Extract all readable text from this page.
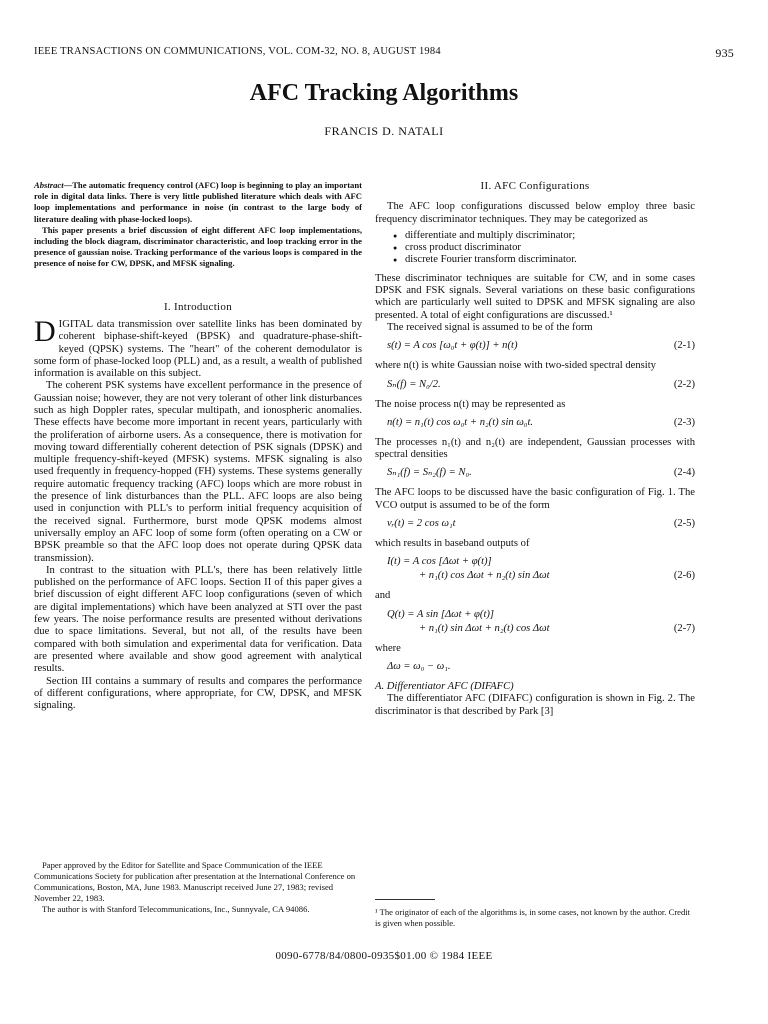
IEEE TRANSACTIONS ON COMMUNICATIONS, VOL. COM-32, NO. 8, AUGUST 1984	935
AFC Tracking Algorithms
FRANCIS D. NATALI

Abstract—The automatic frequency control (AFC) loop is beginning to play an important role in digital data links. There is very little published literature which deals with AFC loop implementations and performance in noise (in contrast to the large body of literature dealing with phase-locked loops).

This paper presents a brief discussion of eight different AFC loop implementations, including the block diagram, discriminator characteristic, and loop tracking error in the presence of gaussian noise. Tracking performance of the various loops is compared in the presence of noise for CW, DPSK, and MFSK signaling.

I. Introduction

DIGITAL data transmission over satellite links has been dominated by coherent biphase-shift-keyed (BPSK) and quadrature-phase-shift-keyed (QPSK) systems. The "heart" of the coherent demodulator is some form of phase-locked loop (PLL) and, as a result, a wealth of published information is available on this subject.

The coherent PSK systems have excellent performance in the presence of Gaussian noise; however, they are not very tolerant of other link disturbances such as high Doppler rates, specular multipath, and ionospheric anomalies. These effects have become more important in recent years, particularly with the proliferation of airborne users. As a consequence, there is motivation for moving toward differentially coherent detection of PSK signals (DPSK) and multiple frequency-shift-keyed (MFSK) systems. MFSK signaling is also used frequently in frequency-hopped (FH) systems. These systems generally require automatic frequency tracking (AFC) loops which are more robust in the presence of link disturbances than the PLL. AFC loops are also being used in conjunction with PLL's to perform initial frequency acquisition of the received signal. Furthermore, burst mode QPSK modems almost universally employ an AFC loop of some form (often operating on a CW or BPSK preamble so that the AFC loop does not operate during QPSK data transmission).

In contrast to the situation with PLL's, there has been relatively little published on the performance of AFC loops. Section II of this paper gives a brief discussion of eight different AFC loop configurations (seven of which are digital implementations) which have been analyzed at STI over the past few years. The noise performance results are presented without derivations due to space limitations. Several, but not all, of the results have been compared with both simulation and experimental data for verification. Data are presented where available and show good agreement with analytical results.

Section III contains a summary of results and compares the performance of different configurations, where appropriate, for CW, DPSK, and MFSK signaling.

Paper approved by the Editor for Satellite and Space Communication of the IEEE Communications Society for publication after presentation at the International Conference on Communications, Boston, MA, June 1983. Manuscript received June 27, 1983; revised November 22, 1983.

The author is with Stanford Telecommunications, Inc., Sunnyvale, CA 94086.

II. AFC Configurations

The AFC loop configurations discussed below employ three basic frequency discriminator techniques. They may be categorized as

● differentiate and multiply discriminator;
● cross product discriminator
● discrete Fourier transform discriminator.

These discriminator techniques are suitable for CW, and in some cases DPSK and FSK signals. Several variations on these basic configurations which are particularly well suited to DPSK and MFSK signaling are also presented. A total of eight configurations are discussed.¹

The received signal is assumed to be of the form

s(t) = A cos [ω₀t + φ(t)] + n(t)	(2-1)

where n(t) is white Gaussian noise with two-sided spectral density

Sₙ(f) = N₀/2.	(2-2)

The noise process n(t) may be represented as

n(t) = n₁(t) cos ω₀t + n₂(t) sin ω₀t.	(2-3)

The processes n₁(t) and n₂(t) are independent, Gaussian processes with spectral densities

Sₙ₁(f) = Sₙ₂(f) = N₀.	(2-4)

The AFC loops to be discussed have the basic configuration of Fig. 1. The VCO output is assumed to be of the form

vᵣ(t) = 2 cos ω₁t	(2-5)

which results in baseband outputs of

I(t) = A cos [Δωt + φ(t)]
+ n₁(t) cos Δωt + n₂(t) sin Δωt	(2-6)

and

Q(t) = A sin [Δωt + φ(t)]
+ n₁(t) sin Δωt + n₂(t) cos Δωt	(2-7)

where

Δω = ω₀ − ω₁.

A. Differentiator AFC (DIFAFC)

The differentiator AFC (DIFAFC) configuration is shown in Fig. 2. The discriminator is that described by Park [3]

¹ The originator of each of the algorithms is, in some cases, not known by the author. Credit is given when possible.
0090-6778/84/0800-0935$01.00 © 1984 IEEE
